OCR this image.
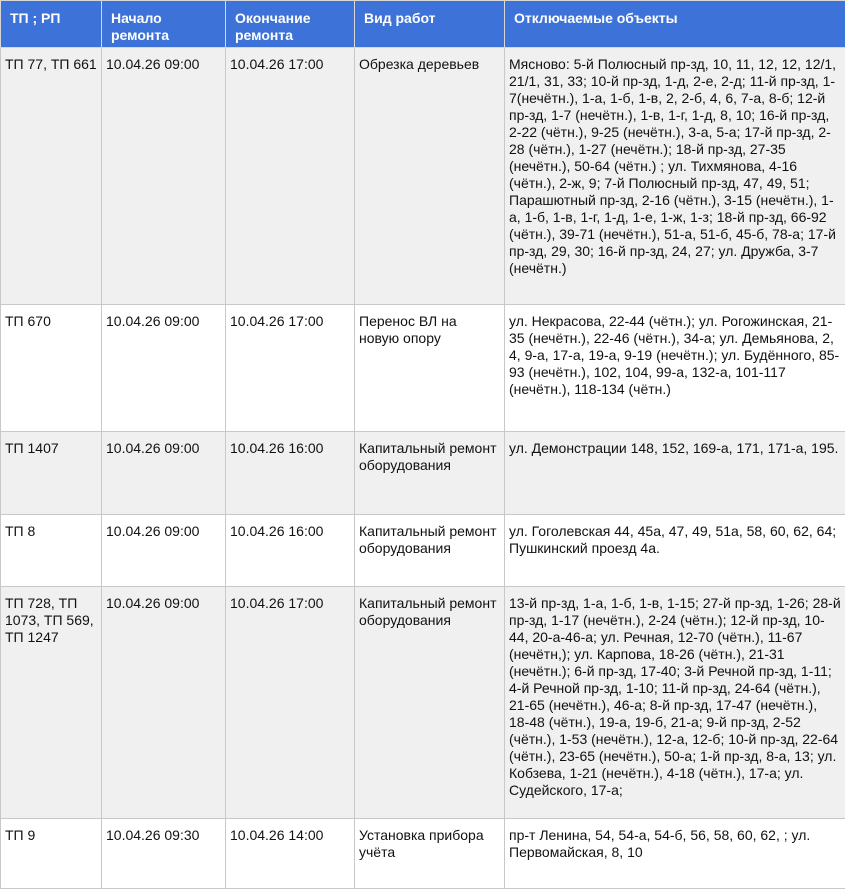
ТП ; РП	Начало ремонта	Окончание ремонта	Вид работ	Отключаемые объекты
ТП 77, ТП 661	10.04.26 09:00	10.04.26 17:00	Обрезка деревьев	Мясново: 5-й Полюсный пр-зд, 10, 11, 12, 12, 12/1, 21/1, 31, 33; 10-й пр-зд, 1-д, 2-е, 2-д; 11-й пр-зд, 1-7(нечётн.), 1-а, 1-б, 1-в, 2, 2-б, 4, 6, 7-а, 8-б; 12-й пр-зд, 1-7 (нечётн.), 1-в, 1-г, 1-д, 8, 10; 16-й пр-зд, 2-22 (чётн.), 9-25 (нечётн.), 3-а, 5-а; 17-й пр-зд, 2-28 (чётн.), 1-27 (нечётн.); 18-й пр-зд, 27-35 (нечётн.), 50-64 (чётн.) ; ул. Тихмянова, 4-16 (чётн.), 2-ж, 9; 7-й Полюсный пр-зд, 47, 49, 51; Парашютный пр-зд, 2-16 (чётн.), 3-15 (нечётн.), 1-а, 1-б, 1-в, 1-г, 1-д, 1-е, 1-ж, 1-з; 18-й пр-зд, 66-92 (чётн.), 39-71 (нечётн.), 51-а, 51-б, 45-б, 78-а; 17-й пр-зд, 29, 30; 16-й пр-зд, 24, 27; ул. Дружба, 3-7 (нечётн.)
ТП 670	10.04.26 09:00	10.04.26 17:00	Перенос ВЛ на новую опору	ул. Некрасова, 22-44 (чётн.); ул. Рогожинская, 21-35 (нечётн.), 22-46 (чётн.), 34-а; ул. Демьянова, 2, 4, 9-а, 17-а, 19-а, 9-19 (нечётн.); ул. Будённого, 85-93 (нечётн.), 102, 104, 99-а, 132-а, 101-117 (нечётн.), 118-134 (чётн.)
ТП 1407	10.04.26 09:00	10.04.26 16:00	Капитальный ремонт оборудования	ул. Демонстрации 148, 152, 169-а, 171, 171-а, 195.
ТП 8	10.04.26 09:00	10.04.26 16:00	Капитальный ремонт оборудования	ул. Гоголевская 44, 45а, 47, 49, 51а, 58, 60, 62, 64; Пушкинский проезд 4а.
ТП 728, ТП 1073, ТП 569, ТП 1247	10.04.26 09:00	10.04.26 17:00	Капитальный ремонт оборудования	13-й пр-зд, 1-а, 1-б, 1-в, 1-15; 27-й пр-зд, 1-26; 28-й пр-зд, 1-17 (нечётн.), 2-24 (чётн.); 12-й пр-зд, 10-44, 20-а-46-а; ул. Речная, 12-70 (чётн.), 11-67 (нечётн,); ул. Карпова, 18-26 (чётн.), 21-31 (нечётн.); 6-й пр-зд, 17-40; 3-й Речной пр-зд, 1-11; 4-й Речной пр-зд, 1-10; 11-й пр-зд, 24-64 (чётн.), 21-65 (нечётн.), 46-а; 8-й пр-зд, 17-47 (нечётн.), 18-48 (чётн.), 19-а, 19-б, 21-а; 9-й пр-зд, 2-52 (чётн.), 1-53 (нечётн.), 12-а, 12-б; 10-й пр-зд, 22-64 (чётн.), 23-65 (нечётн.), 50-а; 1-й пр-зд, 8-а, 13; ул. Кобзева, 1-21 (нечётн.), 4-18 (чётн.), 17-а; ул. Судейского, 17-а;
ТП 9	10.04.26 09:30	10.04.26 14:00	Установка прибора учёта	пр-т Ленина, 54, 54-а, 54-б, 56, 58, 60, 62, ; ул. Первомайская, 8, 10
